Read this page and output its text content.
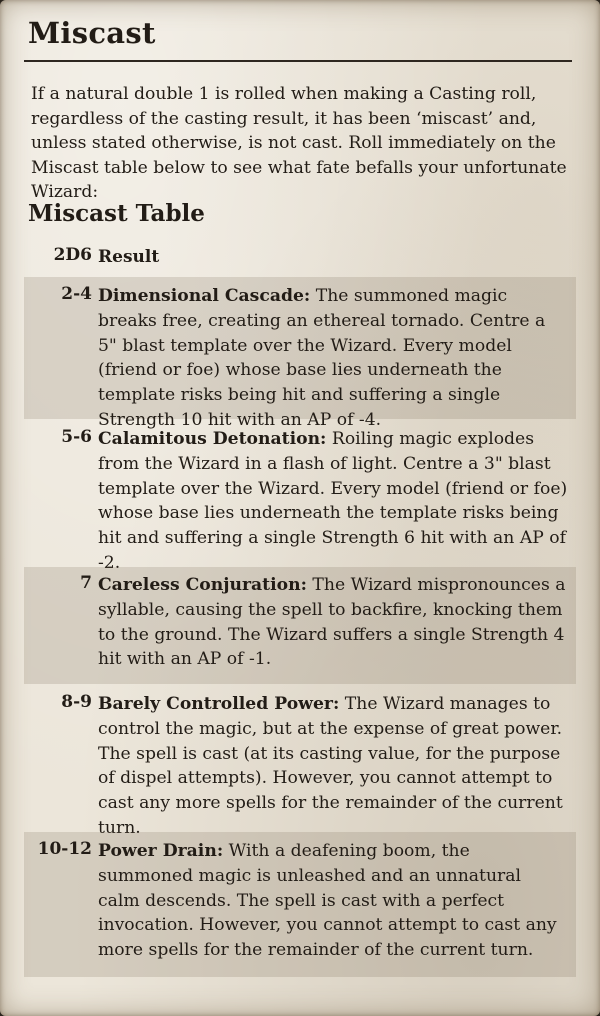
Miscast

If a natural double 1 is rolled when making a Casting roll, regardless of the casting result, it has been ‘miscast’ and, unless stated otherwise, is not cast. Roll immediately on the Miscast table below to see what fate befalls your unfortunate Wizard:

Miscast Table
2D6 Result
2-4 Dimensional Cascade: The summoned magic breaks free, creating an ethereal tornado. Centre a 5" blast template over the Wizard. Every model (friend or foe) whose base lies underneath the template risks being hit and suffering a single Strength 10 hit with an AP of -4.
5-6 Calamitous Detonation: Roiling magic explodes from the Wizard in a flash of light. Centre a 3" blast template over the Wizard. Every model (friend or foe) whose base lies underneath the template risks being hit and suffering a single Strength 6 hit with an AP of -2.
7 Careless Conjuration: The Wizard mispronounces a syllable, causing the spell to backfire, knocking them to the ground. The Wizard suffers a single Strength 4 hit with an AP of -1.
8-9 Barely Controlled Power: The Wizard manages to control the magic, but at the expense of great power. The spell is cast (at its casting value, for the purpose of dispel attempts). However, you cannot attempt to cast any more spells for the remainder of the current turn.
10-12 Power Drain: With a deafening boom, the summoned magic is unleashed and an unnatural calm descends. The spell is cast with a perfect invocation. However, you cannot attempt to cast any more spells for the remainder of the current turn.
